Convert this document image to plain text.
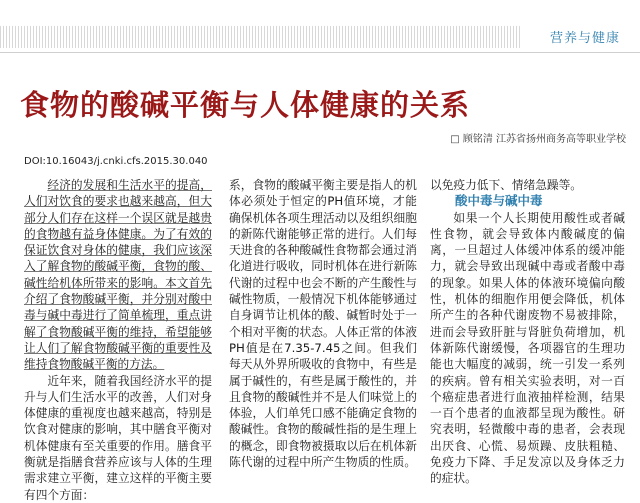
营养与健康
食物的酸碱平衡与人体健康的关系
□ 顾铭清 江苏省扬州商务高等职业学校
DOI:10.16043/j.cnki.cfs.2015.30.040

经济的发展和生活水平的提高，人们对饮食的要求也越来越高，但大部分人们存在这样一个误区就是越贵的食物越有益身体健康。为了有效的保证饮食对身体的健康，我们应该深入了解食物的酸碱平衡，食物的酸、碱性给机体所带来的影响。本文首先介绍了食物酸碱平衡，并分别对酸中毒与碱中毒进行了简单梳理，重点讲解了食物酸碱平衡的维持，希望能够让人们了解食物酸碱平衡的重要性及维持食物酸碱平衡的方法。

近年来，随着我国经济水平的提升与人们生活水平的改善，人们对身体健康的重视度也越来越高，特别是饮食对健康的影响，其中膳食平衡对机体健康有至关重要的作用。膳食平衡就是指膳食营养应该与人体的生理需求建立平衡，建立这样的平衡主要有四个方面：

系，食物的酸碱平衡主要是指人的机体必须处于恒定的PH值环境，才能确保机体各项生理活动以及组织细胞的新陈代谢能够正常的进行。人们每天进食的各种酸碱性食物都会通过消化道进行吸收，同时机体在进行新陈代谢的过程中也会不断的产生酸性与碱性物质，一般情况下机体能够通过自身调节让机体的酸、碱暂时处于一个相对平衡的状态。人体正常的体液PH值是在7.35-7.45之间。但我们每天从外界所吸收的食物中，有些是属于碱性的，有些是属于酸性的，并且食物的酸碱性并不是人们味觉上的体验，人们单凭口感不能确定食物的酸碱性。食物的酸碱性指的是生理上的概念，即食物被摄取以后在机体新陈代谢的过程中所产生物质的性质。

以免疫力低下、情绪急躁等。

酸中毒与碱中毒

如果一个人长期使用酸性或者碱性食物，就会导致体内酸碱度的偏离，一旦超过人体缓冲体系的缓冲能力，就会导致出现碱中毒或者酸中毒的现象。如果人体的体液环境偏向酸性，机体的细胞作用便会降低，机体所产生的各种代谢废物不易被排除，进而会导致肝脏与肾脏负荷增加，机体新陈代谢缓慢，各项器官的生理功能也大幅度的减弱，统一引发一系列的疾病。曾有相关实验表明，对一百个癌症患者进行血液抽样检测，结果一百个患者的血液都呈现为酸性。研究表明，轻微酸中毒的患者，会表现出厌食、心慌、易烦躁、皮肤粗糙、免疫力下降、手足发凉以及身体乏力的症状。
